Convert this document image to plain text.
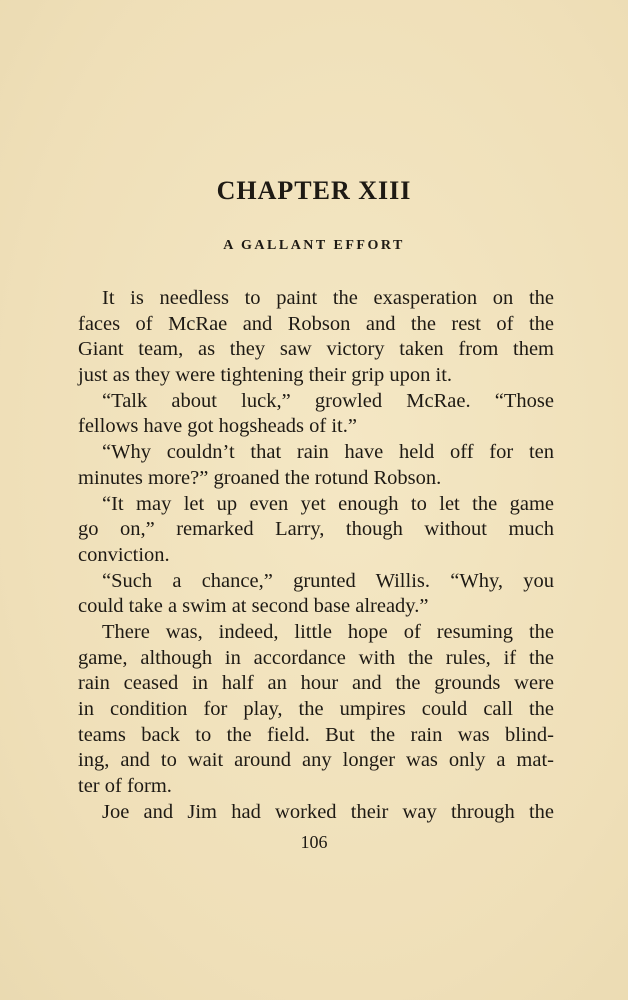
CHAPTER XIII
A GALLANT EFFORT
It is needless to paint the exasperation on the
faces of McRae and Robson and the rest of the
Giant team, as they saw victory taken from them
just as they were tightening their grip upon it.
“Talk about luck,” growled McRae. “Those
fellows have got hogsheads of it.”
“Why couldn’t that rain have held off for ten
minutes more?” groaned the rotund Robson.
“It may let up even yet enough to let the game
go on,” remarked Larry, though without much
conviction.
“Such a chance,” grunted Willis. “Why, you
could take a swim at second base already.”
There was, indeed, little hope of resuming the
game, although in accordance with the rules, if the
rain ceased in half an hour and the grounds were
in condition for play, the umpires could call the
teams back to the field. But the rain was blind-
ing, and to wait around any longer was only a mat-
ter of form.
Joe and Jim had worked their way through the
106
